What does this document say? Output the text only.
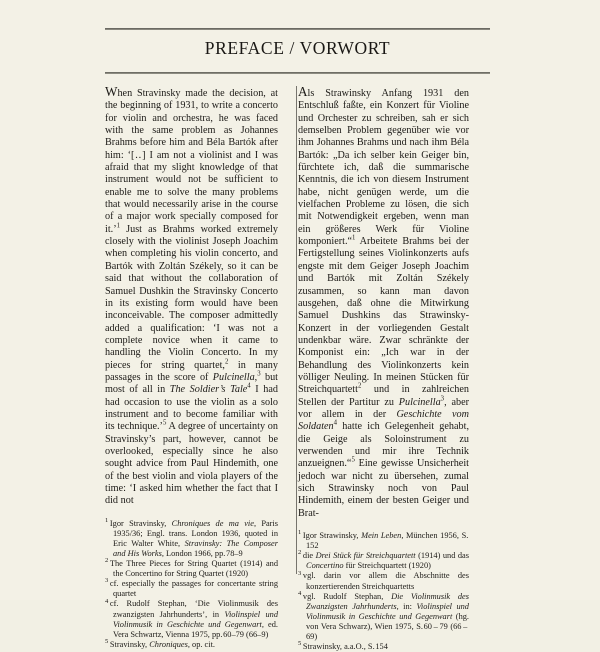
PREFACE / VORWORT

When Stravinsky made the decision, at the beginning of 1931, to write a concerto for violin and orchestra, he was faced with the same problem as Johannes Brahms before him and Béla Bartók after him: ‘[ . . ] I am not a violinist and I was afraid that my slight knowledge of that instrument would not be sufficient to enable me to solve the many problems that would necessarily arise in the course of a major work specially composed for it.’$^1$ Just as Brahms worked extremely closely with the violinist Joseph Joachim when completing his violin concerto, and Bartók with Zoltán Székely, so it can be said that without the collaboration of Samuel Dushkin the Stravinsky Concerto in its existing form would have been inconceivable. The composer admittedly added a qualification: ‘I was not a complete novice when it came to handling the Violin Concerto. In my pieces for string quartet,$^2$ in many passages in the score of Pulcinella,$^3$ but most of all in The Soldier’s Tale$^4$ I had had occasion to use the violin as a solo instrument and to become familiar with its technique.’$^5$ A degree of uncertainty on Stravinsky’s part, however, cannot be overlooked, especially since he also sought advice from Paul Hindemith, one of the best violin and viola players of the time: ‘I asked him whether the fact that I did not

$^1$ Igor Stravinsky, Chroniques de ma vie, Paris 1935/36; Engl. trans. London 1936, quoted in Eric Walter White, Stravinsky: The Composer and His Works, London 1966, pp. 78–9

$^2$ The Three Pieces for String Quartet (1914) and the Concertino for String Quartet (1920)

$^3$ cf. especially the passages for concertante string quartet

$^4$ cf. Rudolf Stephan, ‘Die Violinmusik des zwanzigsten Jahrhunderts’, in Violinspiel und Violinmusik in Geschichte und Gegenwart, ed. Vera Schwartz, Vienna 1975, pp. 60–79 (66–9)

$^5$ Stravinsky, Chroniques, op. cit.

Als Strawinsky Anfang 1931 den Entschluß faßte, ein Konzert für Violine und Orchester zu schreiben, sah er sich demselben Problem gegenüber wie vor ihm Johannes Brahms und nach ihm Béla Bartók: „Da ich selber kein Geiger bin, fürchtete ich, daß die summarische Kenntnis, die ich von diesem Instrument habe, nicht genügen werde, um die vielfachen Probleme zu lösen, die sich mit Notwendigkeit ergeben, wenn man ein größeres Werk für Violine komponiert.“$^1$ Arbeitete Brahms bei der Fertigstellung seines Violinkonzerts aufs engste mit dem Geiger Joseph Joachim und Bartók mit Zoltán Székely zusammen, so kann man davon ausgehen, daß ohne die Mitwirkung Samuel Dushkins das Strawinsky-Konzert in der vorliegenden Gestalt undenkbar wäre. Zwar schränkte der Komponist ein: „Ich war in der Behandlung des Violinkonzerts kein völliger Neuling. In meinen Stücken für Streichquartett$^2$ und in zahlreichen Stellen der Partitur zu Pulcinella$^3$, aber vor allem in der Geschichte vom Soldaten$^4$ hatte ich Gelegenheit gehabt, die Geige als Soloinstrument zu verwenden und mir ihre Technik anzueignen.“$^5$ Eine gewisse Unsicherheit jedoch war nicht zu übersehen, zumal sich Strawinsky noch von Paul Hindemith, einem der besten Geiger und Brat-

$^1$ Igor Strawinsky, Mein Leben, München 1956, S. 152

$^2$ die Drei Stück für Streichquartett (1914) und das Concertino für Streichquartett (1920)

$^3$ vgl. darin vor allem die Abschnitte des konzertierenden Streichquartetts

$^4$ vgl. Rudolf Stephan, Die Violinmusik des Zwanzigsten Jahrhunderts, in: Violinspiel und Violinmusik in Geschichte und Gegenwart (hg. von Vera Schwarz), Wien 1975, S. 60 – 79 (66 – 69)

$^5$ Strawinsky, a.a.O., S. 154
